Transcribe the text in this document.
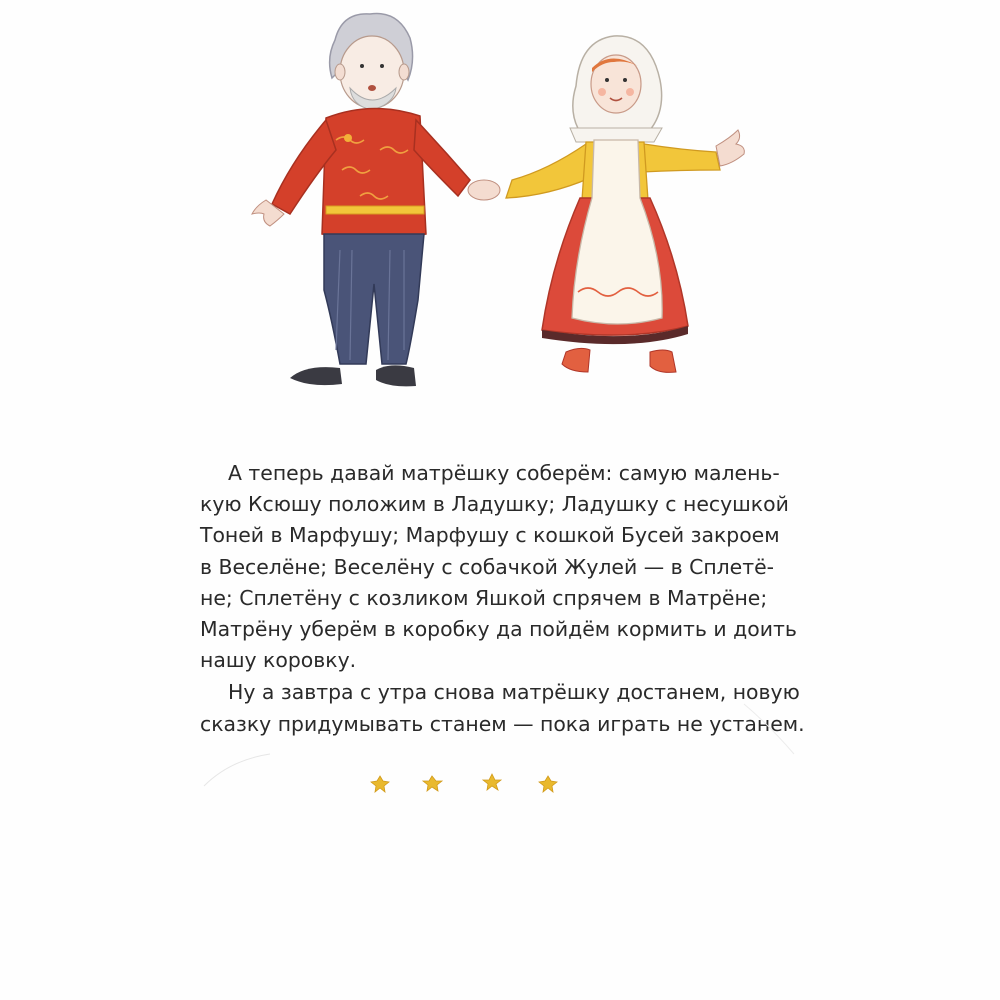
А теперь давай матрёшку соберём: самую малень-
кую Ксюшу положим в Ладушку; Ладушку с несушкой
Тоней в Марфушу; Марфушу с кошкой Бусей закроем
в Веселёне; Веселёну с собачкой Жулей — в Сплетё-
не; Сплетёну с козликом Яшкой спрячем в Матрёне;
Матрёну уберём в коробку да пойдём кормить и доить
нашу коровку.
Ну а завтра с утра снова матрёшку достанем, новую
сказку придумывать станем — пока играть не устанем.
